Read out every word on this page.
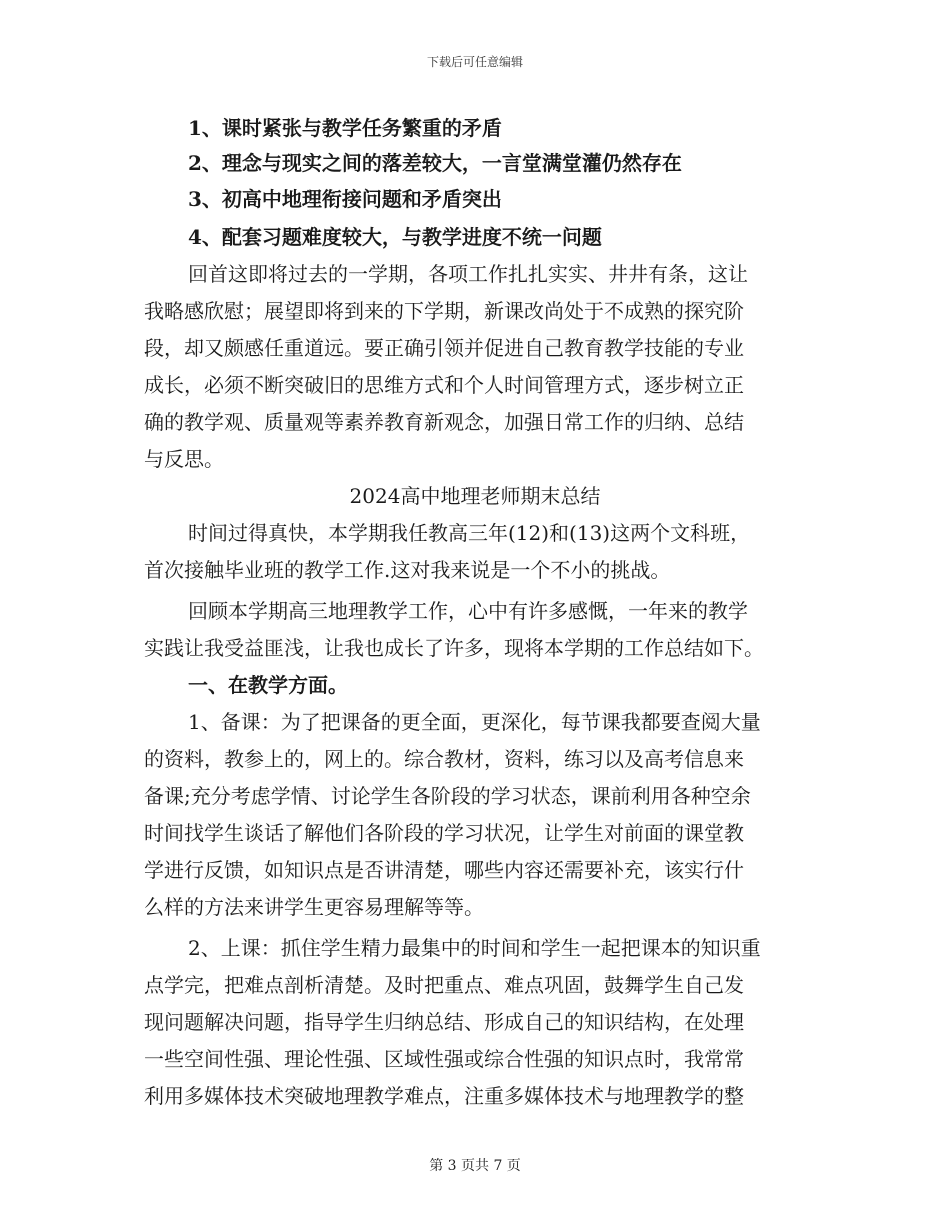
下载后可任意编辑
1、课时紧张与教学任务繁重的矛盾
2、理念与现实之间的落差较大，一言堂满堂灌仍然存在
3、初高中地理衔接问题和矛盾突出
4、配套习题难度较大，与教学进度不统一问题
回首这即将过去的一学期，各项工作扎扎实实、井井有条，这让
我略感欣慰；展望即将到来的下学期，新课改尚处于不成熟的探究阶
段，却又颇感任重道远。要正确引领并促进自己教育教学技能的专业
成长，必须不断突破旧的思维方式和个人时间管理方式，逐步树立正
确的教学观、质量观等素养教育新观念，加强日常工作的归纳、总结
与反思。
2024高中地理老师期末总结
时间过得真快，本学期我任教高三年(12)和(13)这两个文科班，
首次接触毕业班的教学工作.这对我来说是一个不小的挑战。
回顾本学期高三地理教学工作，心中有许多感慨，一年来的教学
实践让我受益匪浅，让我也成长了许多，现将本学期的工作总结如下。
一、在教学方面。
1、备课：为了把课备的更全面，更深化，每节课我都要查阅大量
的资料，教参上的，网上的。综合教材，资料，练习以及高考信息来
备课;充分考虑学情、讨论学生各阶段的学习状态，课前利用各种空余
时间找学生谈话了解他们各阶段的学习状况，让学生对前面的课堂教
学进行反馈，如知识点是否讲清楚，哪些内容还需要补充，该实行什
么样的方法来讲学生更容易理解等等。
2、上课：抓住学生精力最集中的时间和学生一起把课本的知识重
点学完，把难点剖析清楚。及时把重点、难点巩固，鼓舞学生自己发
现问题解决问题，指导学生归纳总结、形成自己的知识结构，在处理
一些空间性强、理论性强、区域性强或综合性强的知识点时，我常常
利用多媒体技术突破地理教学难点，注重多媒体技术与地理教学的整
第 3 页共 7 页
